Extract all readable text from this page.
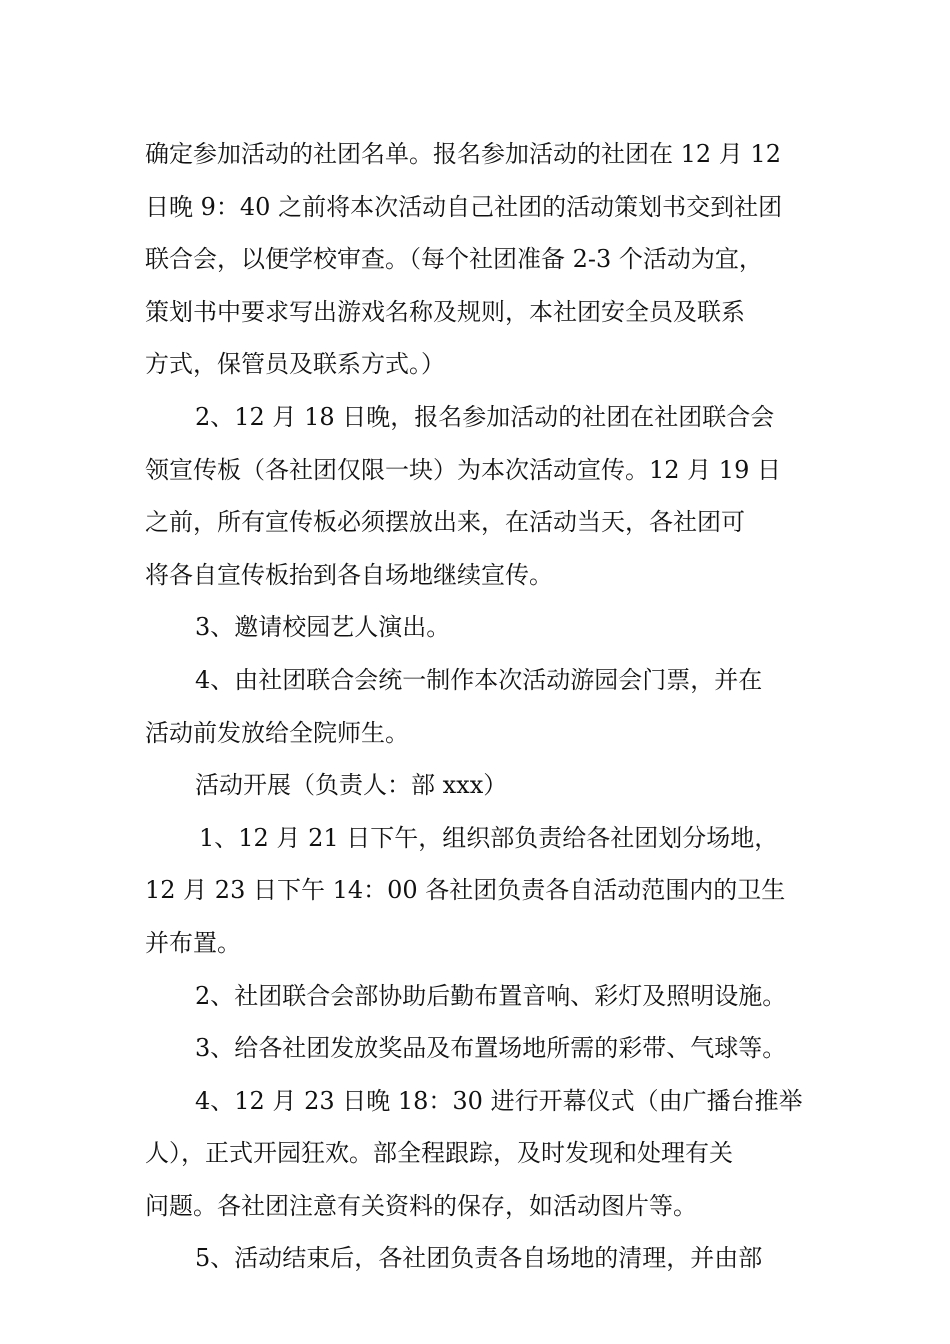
确定参加活动的社团名单。报名参加活动的社团在 12 月 12
日晚 9：40 之前将本次活动自己社团的活动策划书交到社团
联合会，以便学校审查。（每个社团准备 2-3 个活动为宜，
策划书中要求写出游戏名称及规则，本社团安全员及联系
方式，保管员及联系方式。）
2、12 月 18 日晚，报名参加活动的社团在社团联合会
领宣传板（各社团仅限一块）为本次活动宣传。12 月 19 日
之前，所有宣传板必须摆放出来，在活动当天，各社团可
将各自宣传板抬到各自场地继续宣传。
3、邀请校园艺人演出。
4、由社团联合会统一制作本次活动游园会门票，并在
活动前发放给全院师生。
活动开展（负责人：部 xxx）
1、12 月 21 日下午，组织部负责给各社团划分场地，
12 月 23 日下午 14：00 各社团负责各自活动范围内的卫生
并布置。
2、社团联合会部协助后勤布置音响、彩灯及照明设施。
3、给各社团发放奖品及布置场地所需的彩带、气球等。
4、12 月 23 日晚 18：30 进行开幕仪式（由广播台推举
人），正式开园狂欢。部全程跟踪，及时发现和处理有关
问题。各社团注意有关资料的保存，如活动图片等。
5、活动结束后，各社团负责各自场地的清理，并由部
